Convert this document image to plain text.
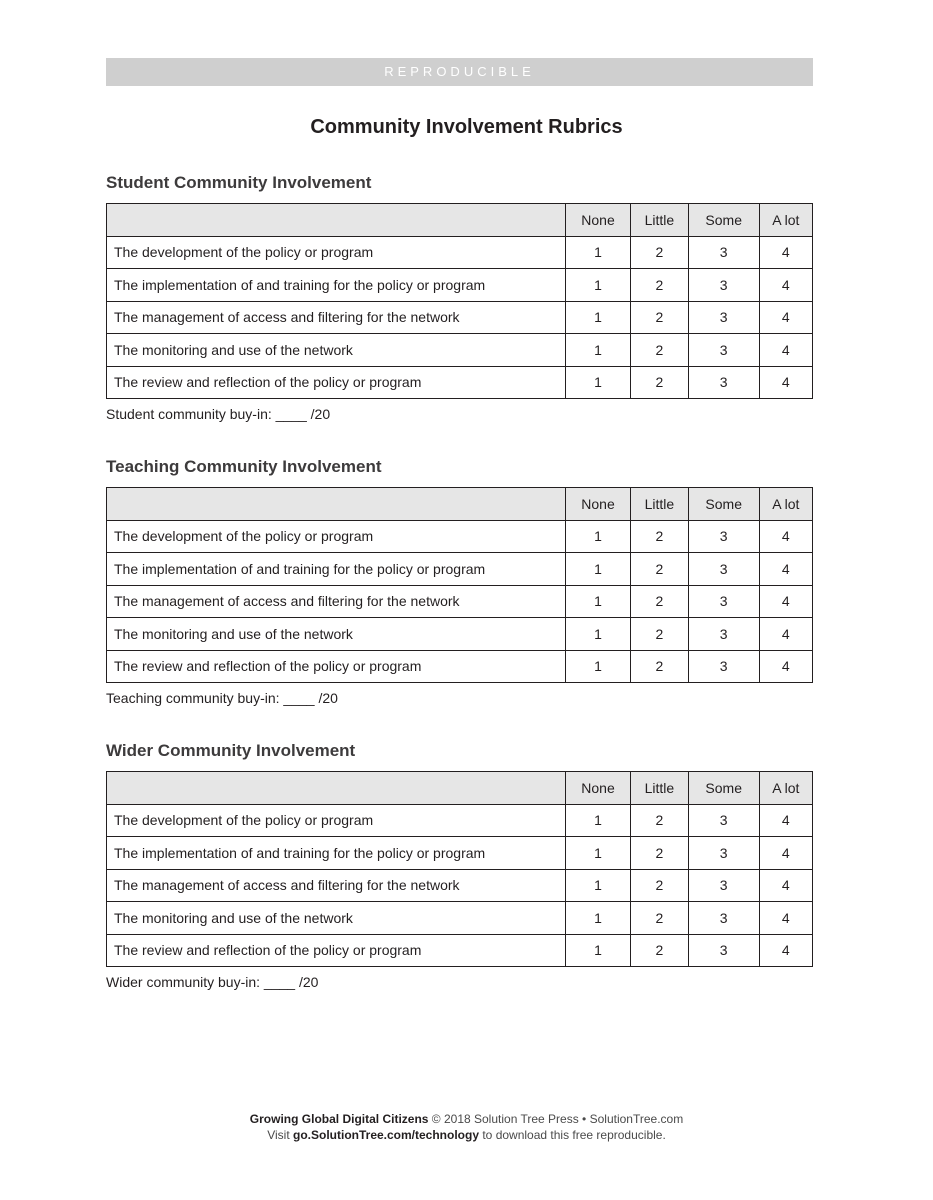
REPRODUCIBLE
Community Involvement Rubrics
Student Community Involvement
	None	Little	Some	A lot
The development of the policy or program	1	2	3	4
The implementation of and training for the policy or program	1	2	3	4
The management of access and filtering for the network	1	2	3	4
The monitoring and use of the network	1	2	3	4
The review and reflection of the policy or program	1	2	3	4
Student community buy-in: ____ /20
Teaching Community Involvement
	None	Little	Some	A lot
The development of the policy or program	1	2	3	4
The implementation of and training for the policy or program	1	2	3	4
The management of access and filtering for the network	1	2	3	4
The monitoring and use of the network	1	2	3	4
The review and reflection of the policy or program	1	2	3	4
Teaching community buy-in: ____ /20
Wider Community Involvement
	None	Little	Some	A lot
The development of the policy or program	1	2	3	4
The implementation of and training for the policy or program	1	2	3	4
The management of access and filtering for the network	1	2	3	4
The monitoring and use of the network	1	2	3	4
The review and reflection of the policy or program	1	2	3	4
Wider community buy-in: ____ /20
Growing Global Digital Citizens © 2018 Solution Tree Press • SolutionTree.com
Visit go.SolutionTree.com/technology to download this free reproducible.
